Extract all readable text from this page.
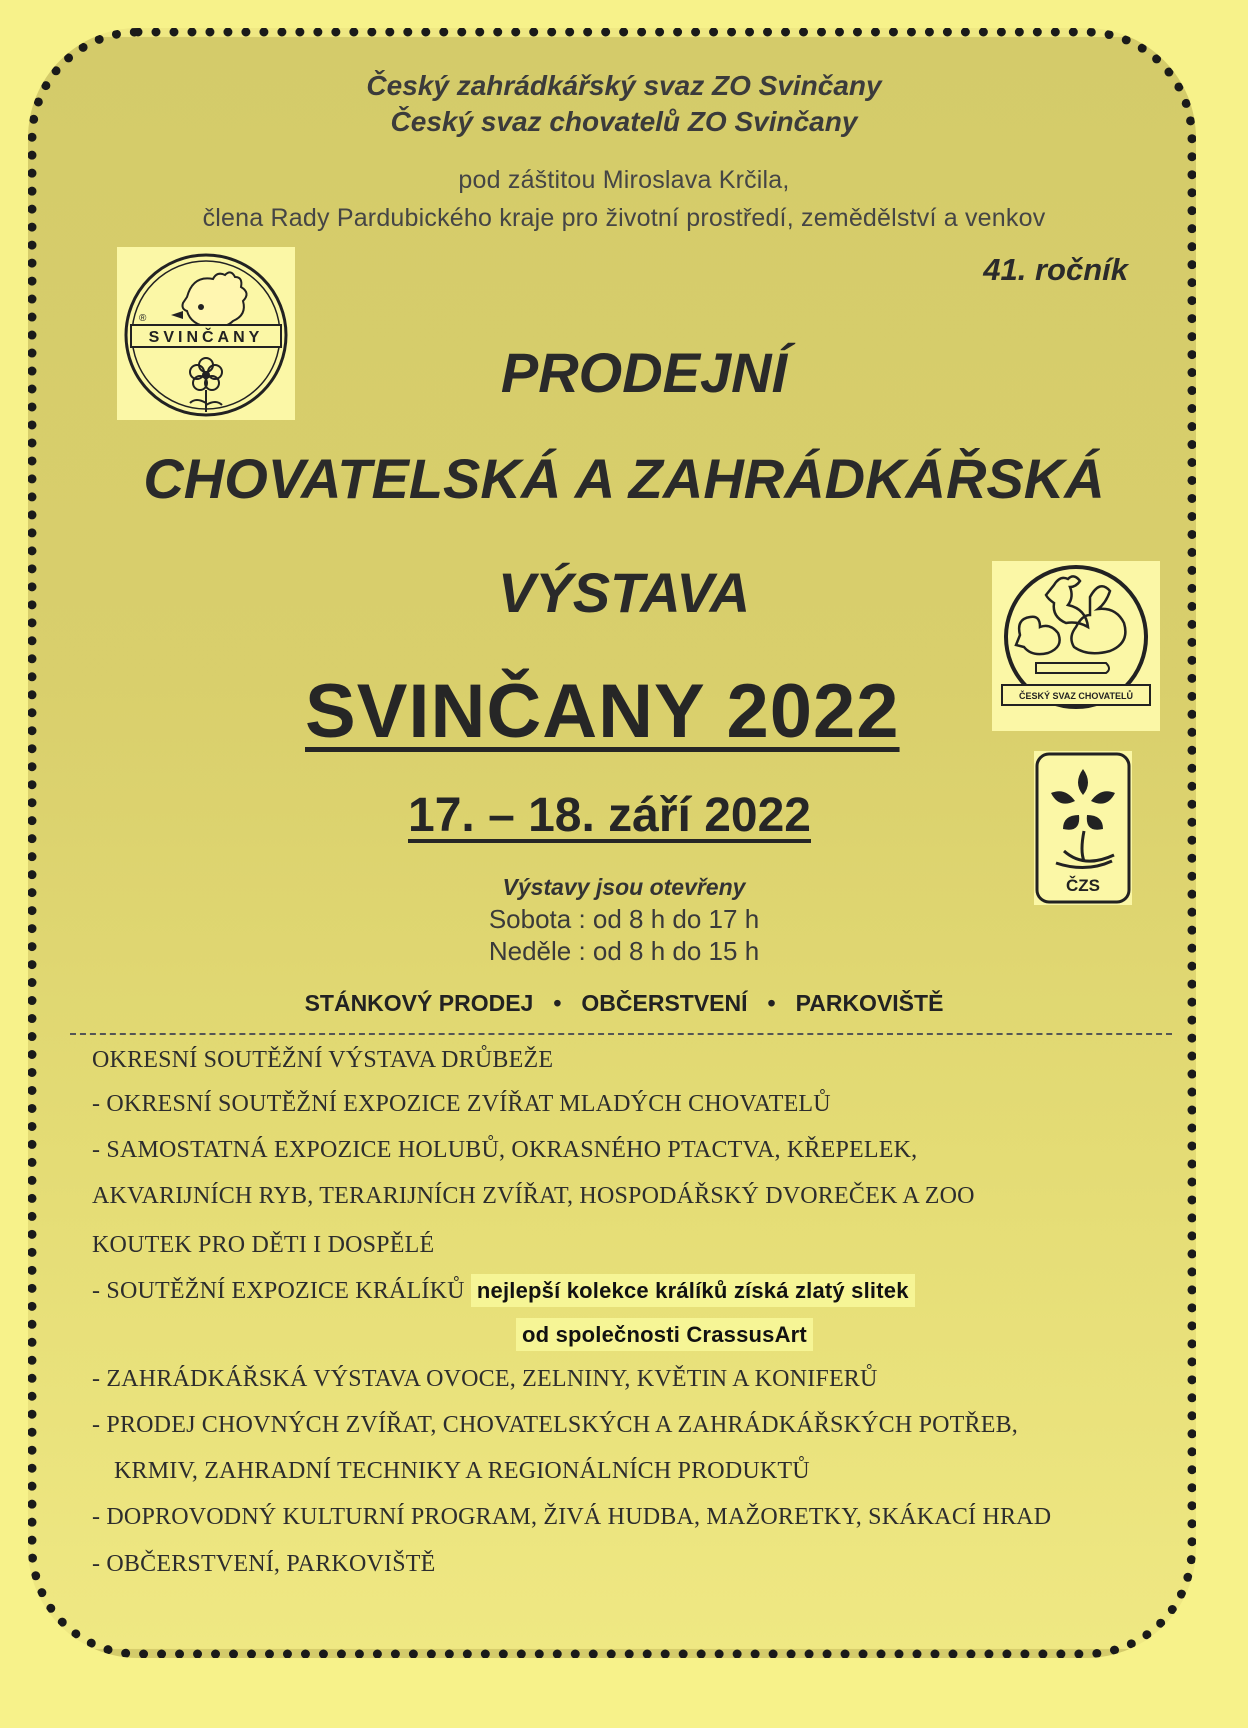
Český zahrádkářský svaz ZO Svinčany
Český svaz chovatelů ZO Svinčany
pod záštitou Miroslava Krčila,
člena Rady Pardubického kraje pro životní prostředí, zemědělství a venkov
41. ročník
SVINČANY
®
PRODEJNÍ
CHOVATELSKÁ A ZAHRÁDKÁŘSKÁ
VÝSTAVA
ČESKÝ SVAZ CHOVATELŮ
SVINČANY 2022
ČZS
17. – 18. září 2022
Výstavy jsou otevřeny
Sobota : od 8 h do 17 h
Neděle : od 8 h do 15 h
STÁNKOVÝ PRODEJ • OBČERSTVENÍ • PARKOVIŠTĚ
OKRESNÍ SOUTĚŽNÍ VÝSTAVA DRŮBEŽE
- OKRESNÍ SOUTĚŽNÍ EXPOZICE ZVÍŘAT MLADÝCH CHOVATELŮ
- SAMOSTATNÁ EXPOZICE HOLUBŮ, OKRASNÉHO PTACTVA, KŘEPELEK,
AKVARIJNÍCH RYB, TERARIJNÍCH ZVÍŘAT, HOSPODÁŘSKÝ DVOREČEK A ZOO
KOUTEK PRO DĚTI I DOSPĚLÉ
- SOUTĚŽNÍ EXPOZICE KRÁLÍKŮ nejlepší kolekce králíků získá zlatý slitek
od společnosti CrassusArt
- ZAHRÁDKÁŘSKÁ VÝSTAVA OVOCE, ZELNINY, KVĚTIN A KONIFERŮ
- PRODEJ CHOVNÝCH ZVÍŘAT, CHOVATELSKÝCH A ZAHRÁDKÁŘSKÝCH POTŘEB,
KRMIV, ZAHRADNÍ TECHNIKY A REGIONÁLNÍCH PRODUKTŮ
- DOPROVODNÝ KULTURNÍ PROGRAM, ŽIVÁ HUDBA, MAŽORETKY, SKÁKACÍ HRAD
- OBČERSTVENÍ, PARKOVIŠTĚ
